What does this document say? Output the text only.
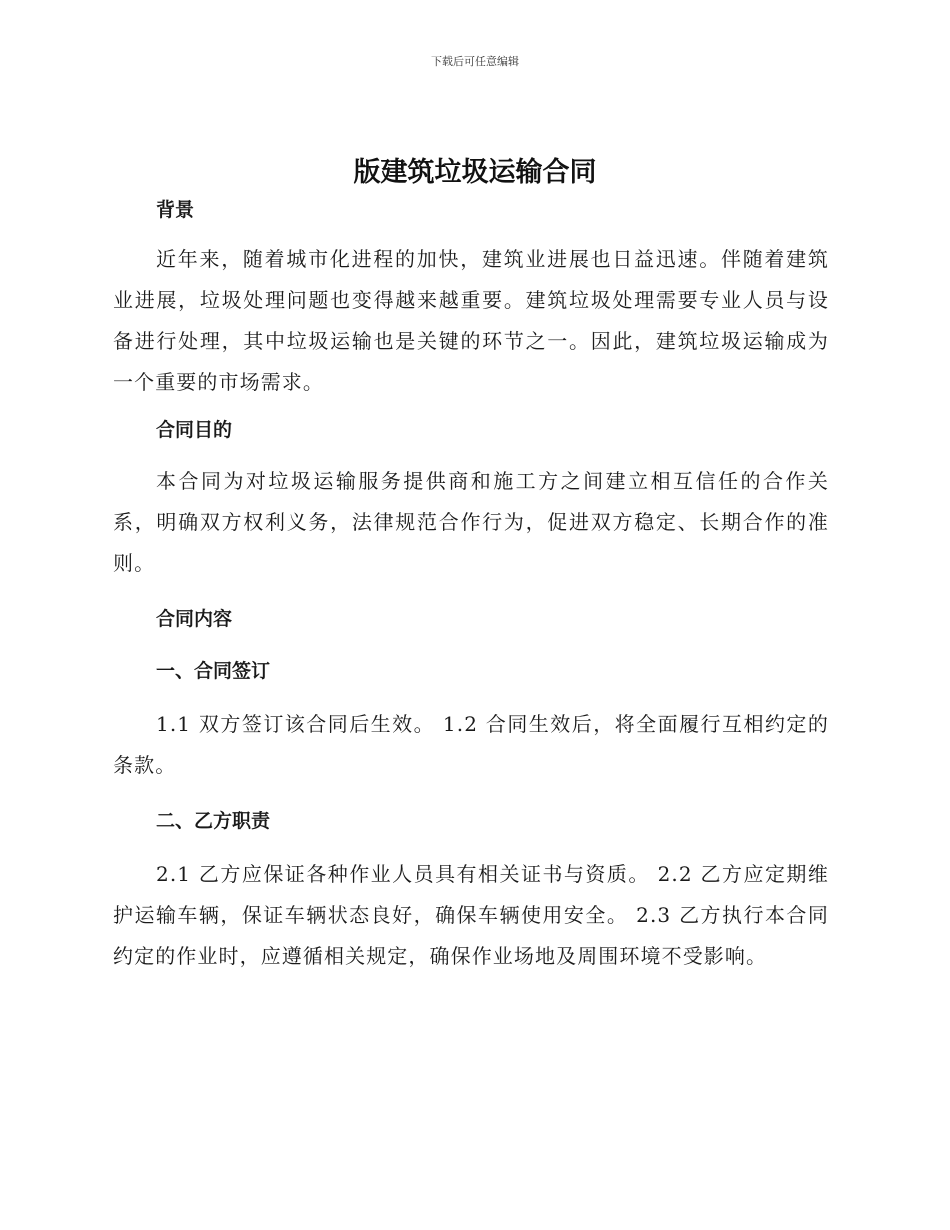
下载后可任意编辑
版建筑垃圾运输合同

背景

近年来，随着城市化进程的加快，建筑业进展也日益迅速。伴随着建筑业进展，垃圾处理问题也变得越来越重要。建筑垃圾处理需要专业人员与设备进行处理，其中垃圾运输也是关键的环节之一。因此，建筑垃圾运输成为一个重要的市场需求。

合同目的

本合同为对垃圾运输服务提供商和施工方之间建立相互信任的合作关系，明确双方权利义务，法律规范合作行为，促进双方稳定、长期合作的准则。

合同内容

一、合同签订

1.1 双方签订该合同后生效。 1.2 合同生效后，将全面履行互相约定的条款。

二、乙方职责

2.1 乙方应保证各种作业人员具有相关证书与资质。 2.2 乙方应定期维护运输车辆，保证车辆状态良好，确保车辆使用安全。 2.3 乙方执行本合同约定的作业时，应遵循相关规定，确保作业场地及周围环境不受影响。
